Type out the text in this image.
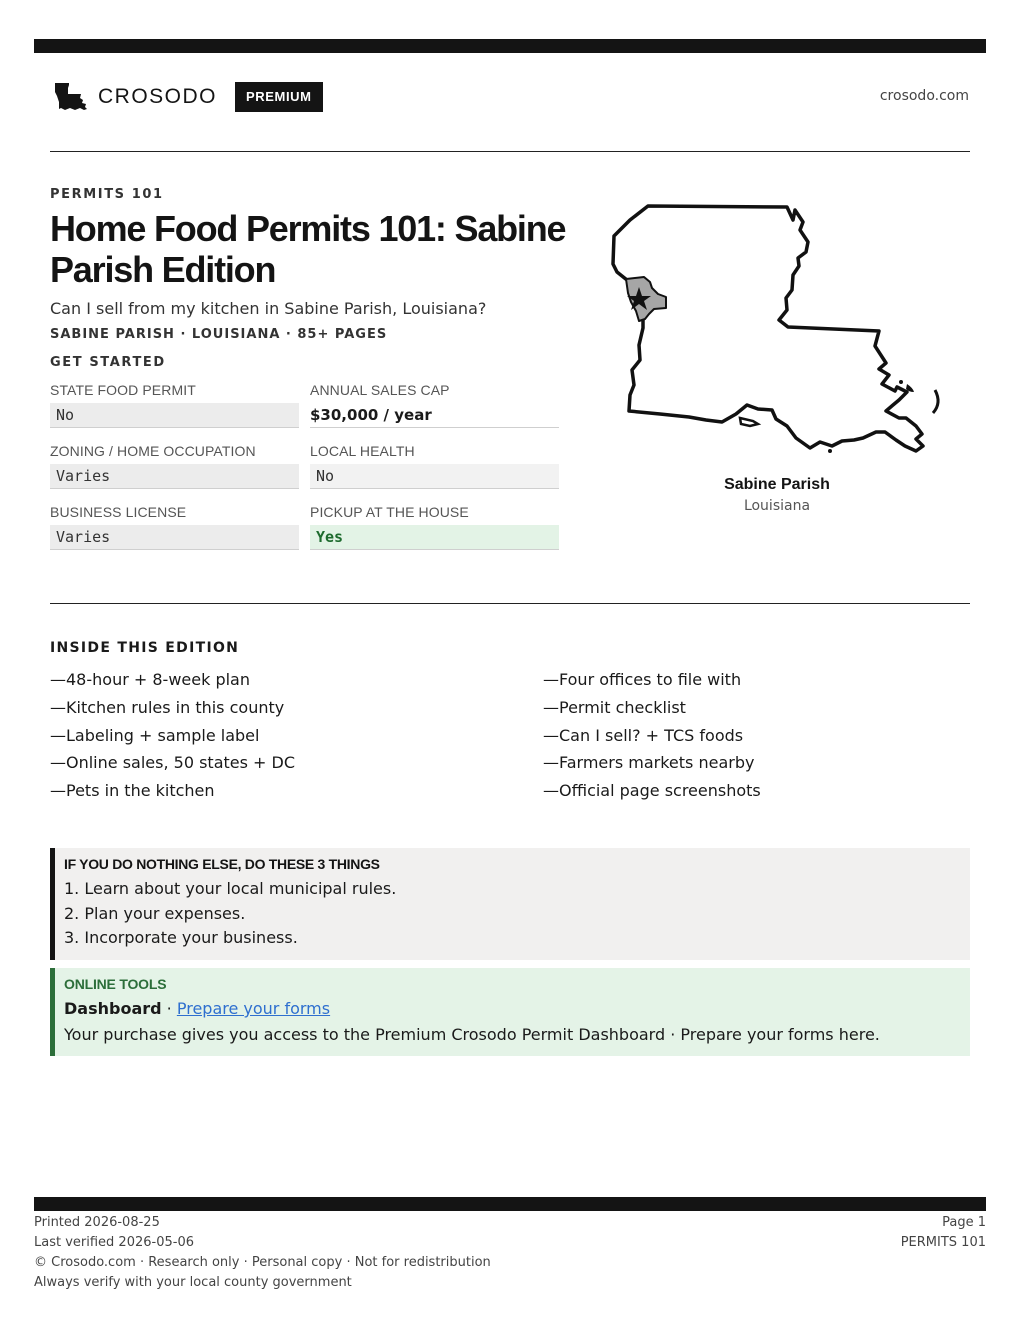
CROSODO	PREMIUM	crosodo.com
PERMITS 101
Home Food Permits 101: Sabine Parish Edition
Can I sell from my kitchen in Sabine Parish, Louisiana?
SABINE PARISH · LOUISIANA · 85+ PAGES
GET STARTED
STATE FOOD PERMIT
No
ANNUAL SALES CAP
$30,000 / year
ZONING / HOME OCCUPATION
Varies
LOCAL HEALTH
No
BUSINESS LICENSE
Varies
PICKUP AT THE HOUSE
Yes
Sabine Parish
Louisiana
INSIDE THIS EDITION
— 48-hour + 8-week plan
— Kitchen rules in this county
— Labeling + sample label
— Online sales, 50 states + DC
— Pets in the kitchen
— Four offices to file with
— Permit checklist
— Can I sell? + TCS foods
— Farmers markets nearby
— Official page screenshots
IF YOU DO NOTHING ELSE, DO THESE 3 THINGS
1. Learn about your local municipal rules.
2. Plan your expenses.
3. Incorporate your business.
ONLINE TOOLS
Dashboard · Prepare your forms
Your purchase gives you access to the Premium Crosodo Permit Dashboard · Prepare your forms here.
Printed 2026-08-25
Last verified 2026-05-06
© Crosodo.com · Research only · Personal copy · Not for redistribution
Always verify with your local county government
Page 1
PERMITS 101
